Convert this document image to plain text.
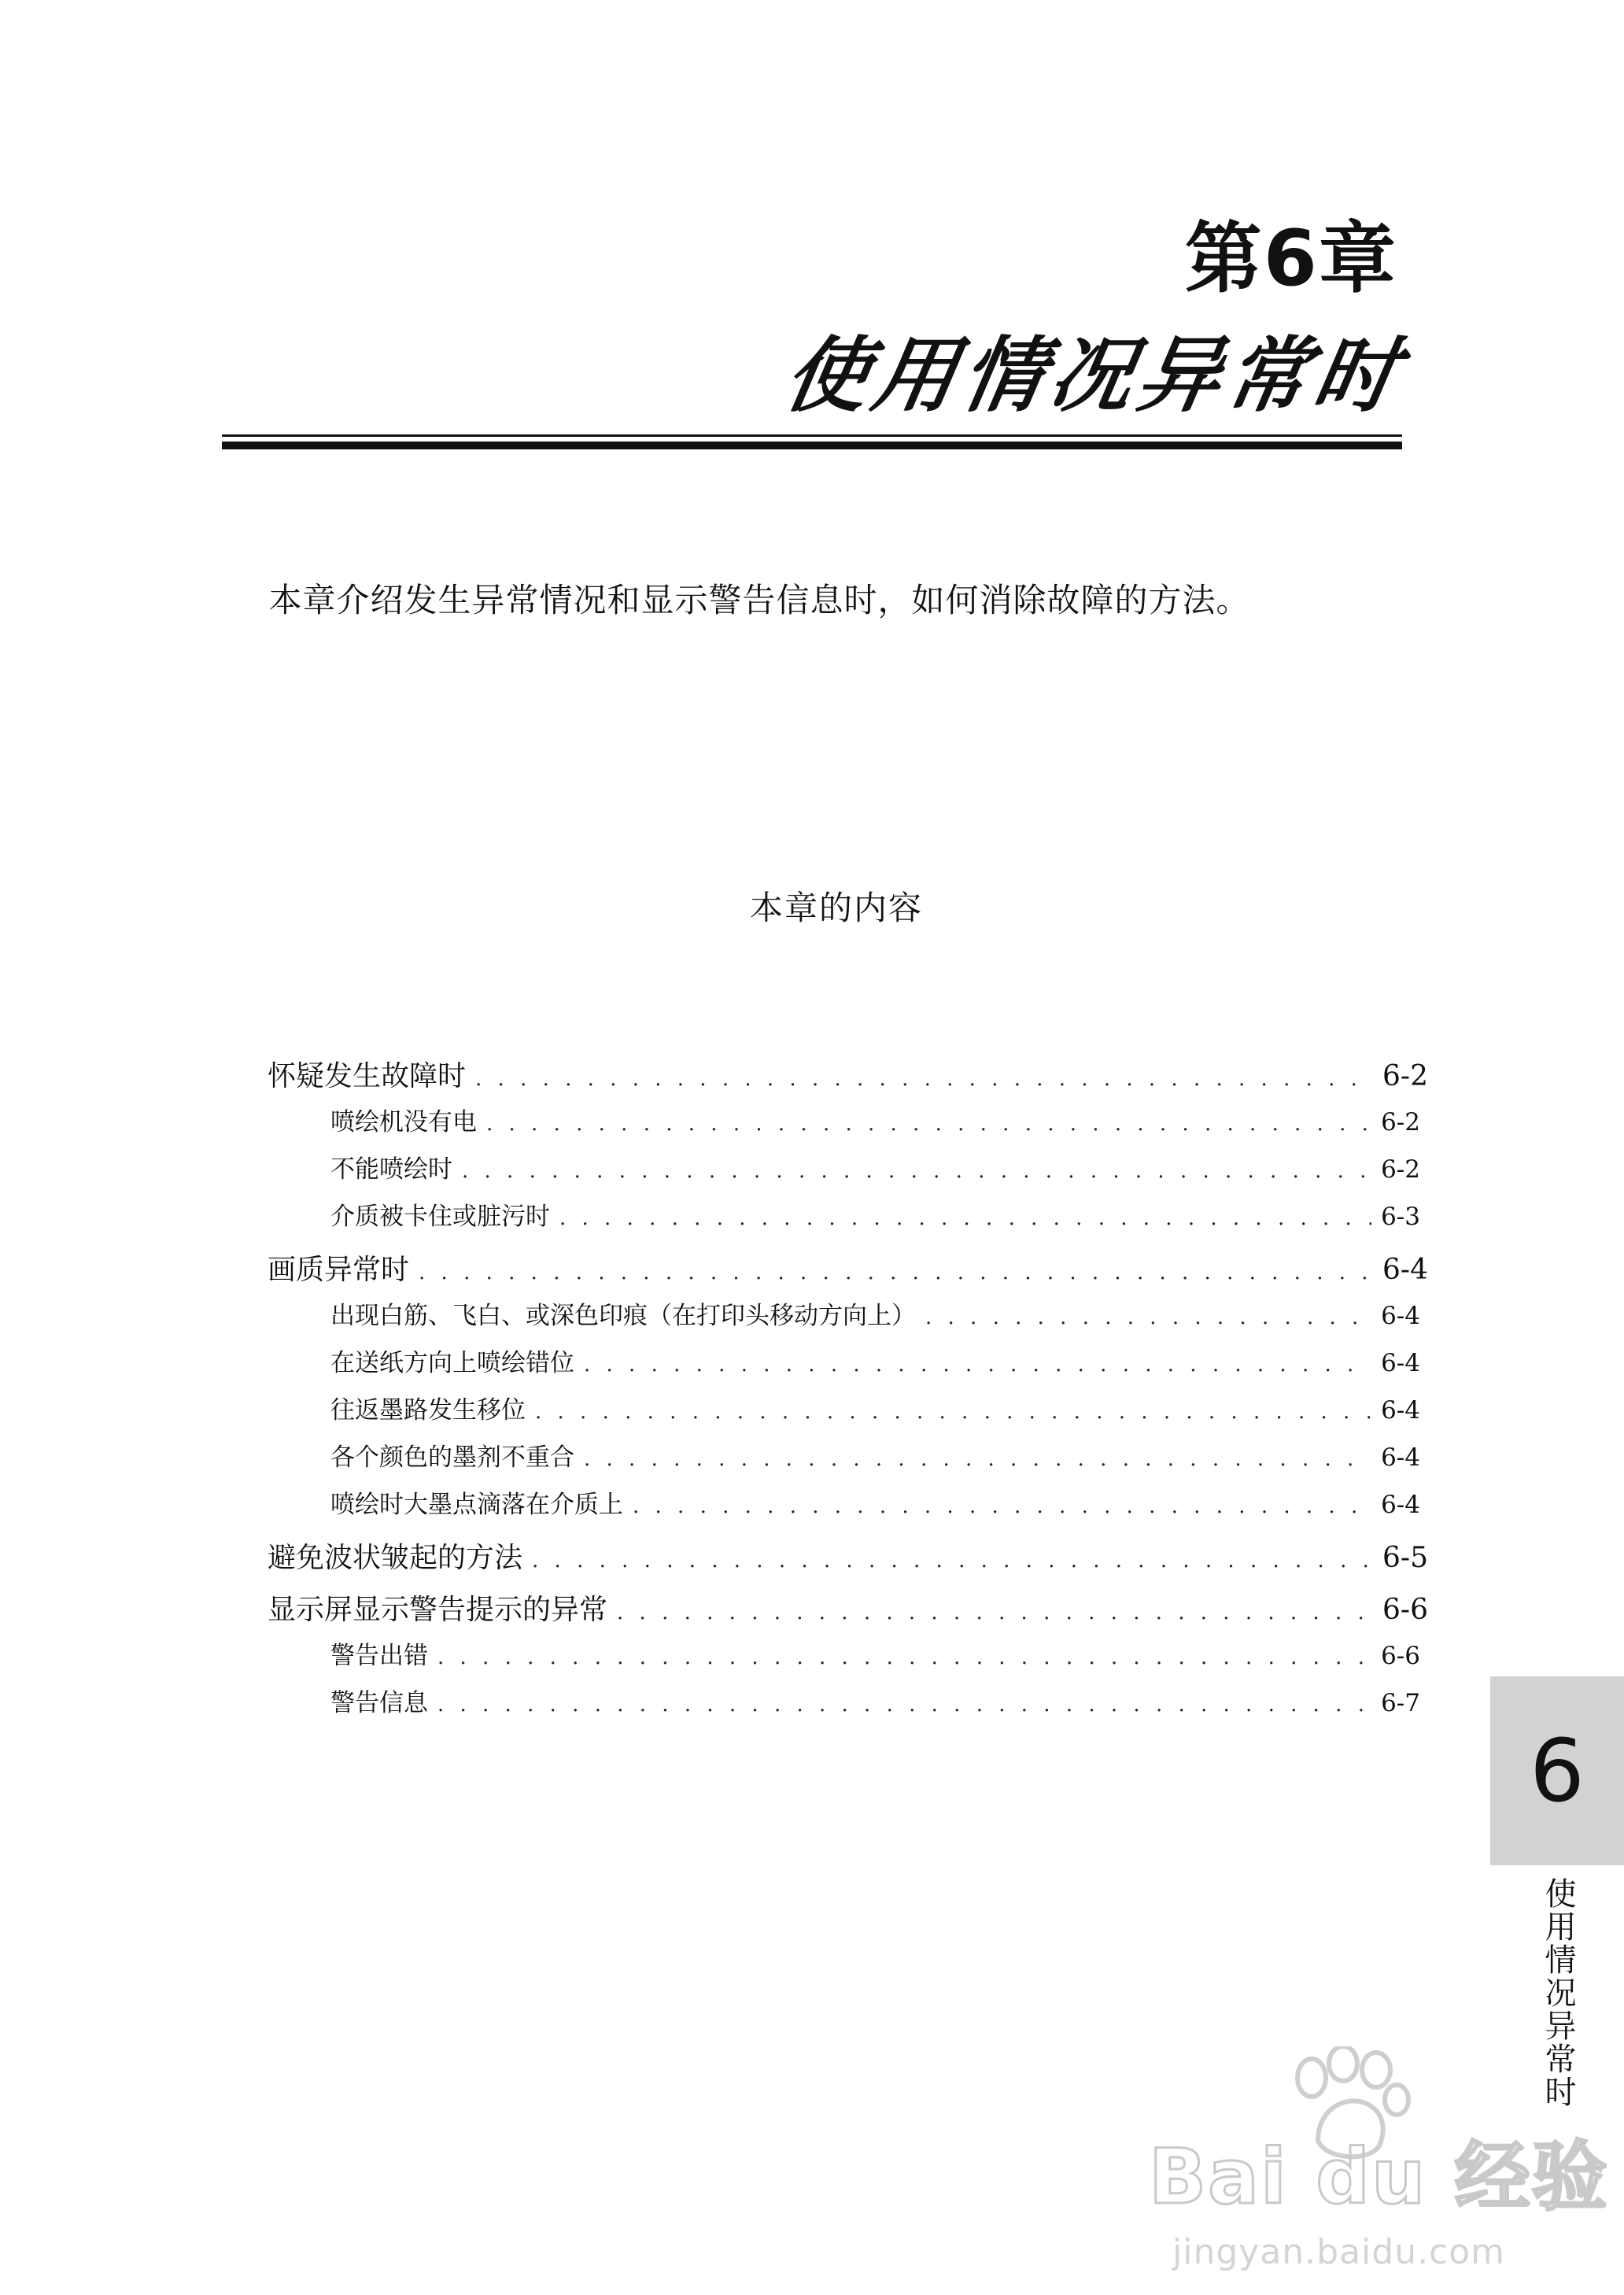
第6章
使用情况异常时
本章介绍发生异常情况和显示警告信息时，如何消除故障的方法。
本章的内容
怀疑发生故障时 . . .	6-2
喷绘机没有电 . . .	6-2
不能喷绘时 . . .	6-2
介质被卡住或脏污时 . . .	6-3
画质异常时 . . .	6-4
出现白筋、飞白、或深色印痕（在打印头移动方向上） . . .	6-4
在送纸方向上喷绘错位 . . .	6-4
往返墨路发生移位 . . .	6-4
各个颜色的墨剂不重合 . . .	6-4
喷绘时大墨点滴落在介质上 . . .	6-4
避免波状皱起的方法 . . .	6-5
显示屏显示警告提示的异常 . . .	6-6
警告出错 . . .	6-6
警告信息 . . .	6-7
6
使用情况异常时
Bai du 经验
jingyan.baidu.com
